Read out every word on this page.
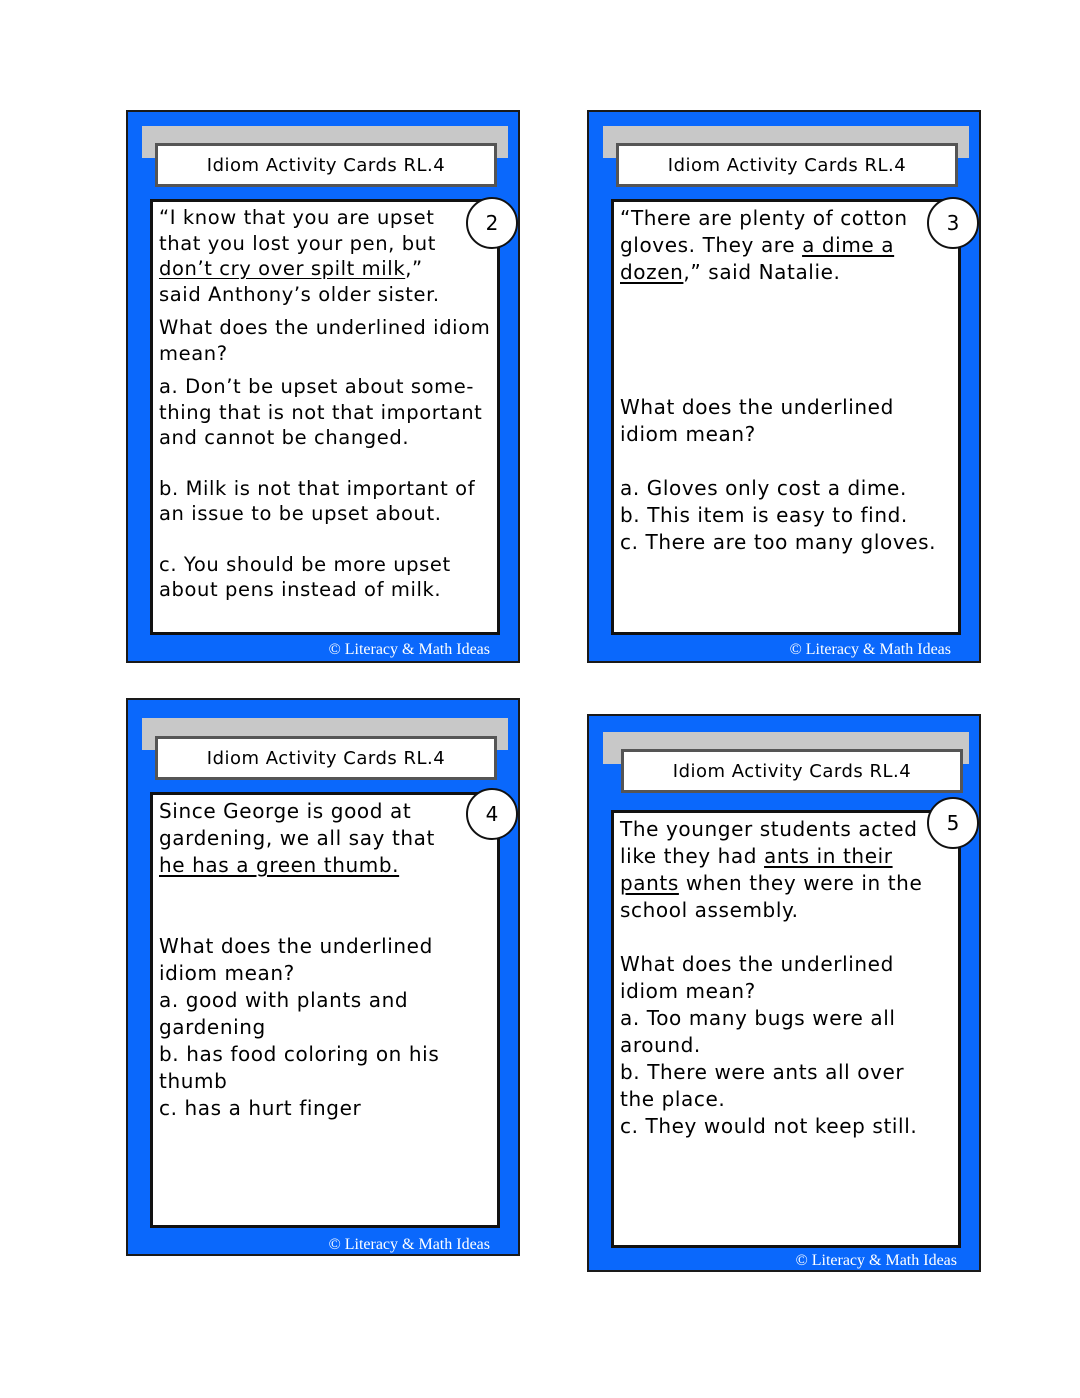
Idiom Activity Cards RL.4

“I know that you are upset that you lost your pen, but don’t cry over spilt milk,” said Anthony’s older sister.

What does the underlined idiom mean?

a. Don’t be upset about some-thing that is not that important and cannot be changed.

b. Milk is not that important of an issue to be upset about.

c. You should be more upset about pens instead of milk.

2
© Literacy & Math Ideas
Idiom Activity Cards RL.4

“There are plenty of cotton gloves. They are a dime a dozen,” said Natalie.

What does the underlined idiom mean?

a. Gloves only cost a dime.

b. This item is easy to find.

c. There are too many gloves.

3
© Literacy & Math Ideas
Idiom Activity Cards RL.4

Since George is good at gardening, we all say that he has a green thumb.

What does the underlined idiom mean?

a. good with plants and gardening

b. has food coloring on his thumb

c. has a hurt finger

4
© Literacy & Math Ideas
Idiom Activity Cards RL.4

The younger students acted like they had ants in their pants when they were in the school assembly.

What does the underlined idiom mean?

a. Too many bugs were all around.

b. There were ants all over the place.

c. They would not keep still.

5
© Literacy & Math Ideas
